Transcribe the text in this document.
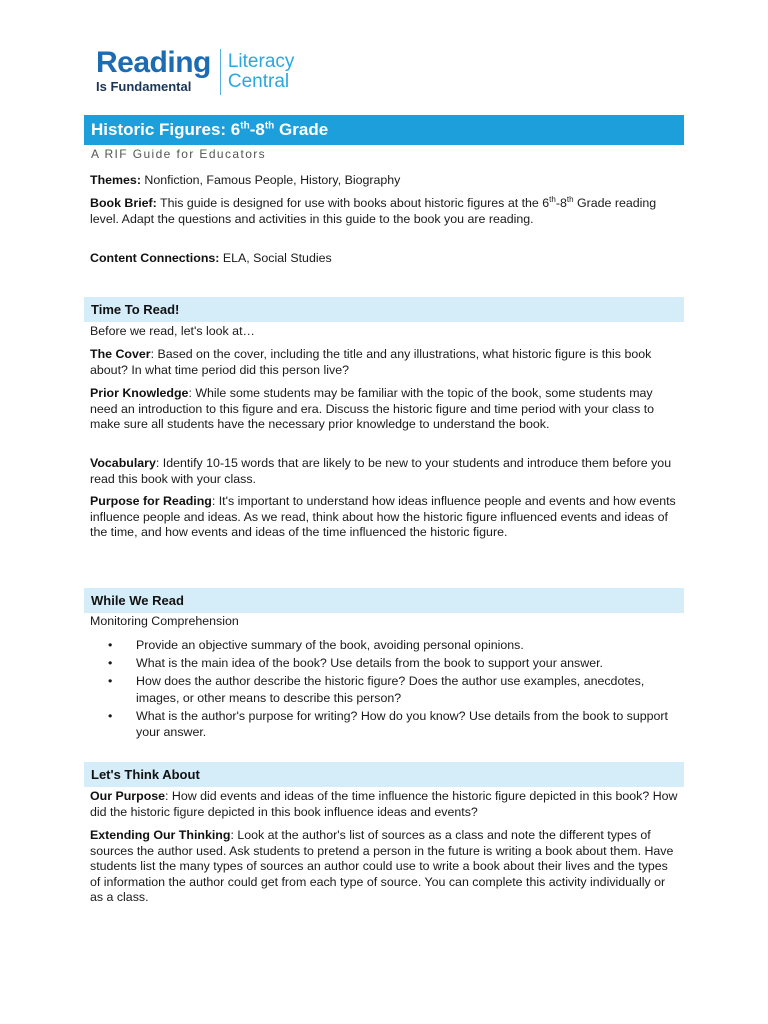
Reading
Is Fundamental
Literacy
Central
Historic Figures: 6th-8th Grade
A RIF Guide for Educators
Themes: Nonfiction, Famous People, History, Biography
Book Brief: This guide is designed for use with books about historic figures at the 6th-8th Grade reading level. Adapt the questions and activities in this guide to the book you are reading.
Content Connections: ELA, Social Studies
Time To Read!
Before we read, let's look at…
The Cover: Based on the cover, including the title and any illustrations, what historic figure is this book about? In what time period did this person live?
Prior Knowledge: While some students may be familiar with the topic of the book, some students may need an introduction to this figure and era. Discuss the historic figure and time period with your class to make sure all students have the necessary prior knowledge to understand the book.
Vocabulary: Identify 10-15 words that are likely to be new to your students and introduce them before you read this book with your class.
Purpose for Reading: It's important to understand how ideas influence people and events and how events influence people and ideas. As we read, think about how the historic figure influenced events and ideas of the time, and how events and ideas of the time influenced the historic figure.
While We Read
Monitoring Comprehension
• Provide an objective summary of the book, avoiding personal opinions.
• What is the main idea of the book? Use details from the book to support your answer.
• How does the author describe the historic figure? Does the author use examples, anecdotes, images, or other means to describe this person?
• What is the author's purpose for writing? How do you know? Use details from the book to support your answer.
Let's Think About
Our Purpose: How did events and ideas of the time influence the historic figure depicted in this book? How did the historic figure depicted in this book influence ideas and events?
Extending Our Thinking: Look at the author's list of sources as a class and note the different types of sources the author used. Ask students to pretend a person in the future is writing a book about them. Have students list the many types of sources an author could use to write a book about their lives and the types of information the author could get from each type of source. You can complete this activity individually or as a class.
